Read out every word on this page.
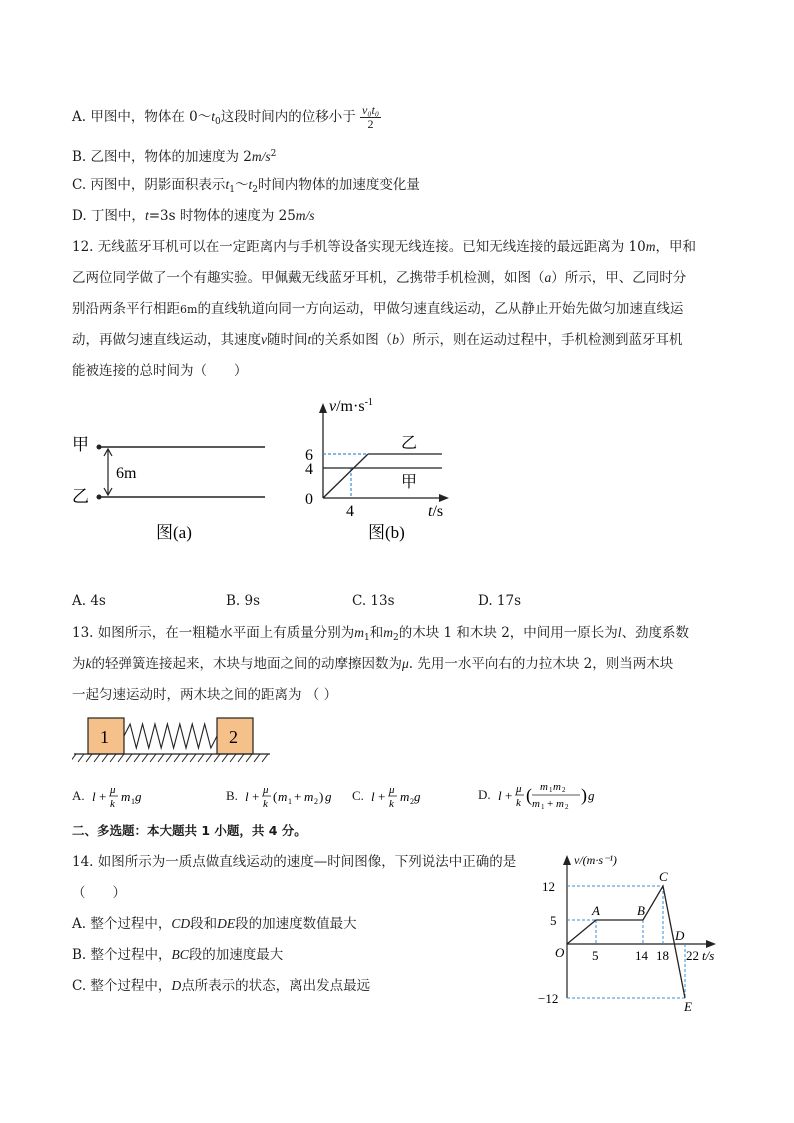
A. 甲图中，物体在 $0\sim t_0$这段时间内的位移小于 $\frac{\text{v₀t₀}}{2}$
B. 乙图中，物体的加速度为 $2m/s^2$
C. 丙图中，阴影面积表示$t_1\sim t_2$时间内物体的加速度变化量
D. 丁图中，t=3s 时物体的速度为 25m/s
12. 无线蓝牙耳机可以在一定距离内与手机等设备实现无线连接。已知无线连接的最远距离为 10m，甲和
乙两位同学做了一个有趣实验。甲佩戴无线蓝牙耳机，乙携带手机检测，如图（a）所示，甲、乙同时分
别沿两条平行相距6m的直线轨道向同一方向运动，甲做匀速直线运动，乙从静止开始先做匀加速直线运
动，再做匀速直线运动，其速度v随时间t的关系如图（b）所示，则在运动过程中，手机检测到蓝牙耳机
能被连接的总时间为（　　）
甲
乙
6m
图(a)
$v/m\cdot s^{-1}$
6
4
0
4	t/s
乙
甲
图(b)
A. 4s	B. 9s	C. 13s	D. 17s
13. 如图所示，在一粗糙水平面上有质量分别为$m_1$和$m_2$的木块 1 和木块 2，中间用一原长为l、劲度系数
为k的轻弹簧连接起来，木块与地面之间的动摩擦因数为μ. 先用一水平向右的力拉木块 2，则当两木块
一起匀速运动时，两木块之间的距离为 （ ）
1	2
A. l + μ
k m 1 g	B. l + μ
k ( m 1 + m 2 ) g C. l + μ
k m 2 g	D. l + μ
k ( m 1 m 2
m 1 + m 2
) g
二、多选题：本大题共 1 小题，共 4 分。
14. 如图所示为一质点做直线运动的速度—时间图像，下列说法中正确的是
（　　）
A. 整个过程中，CD段和DE段的加速度数值最大
B. 整个过程中，BC段的加速度最大
C. 整个过程中，D点所表示的状态，离出发点最远
v/(m·s⁻¹)
t/s
12
5
−12
O 5	14 18 22
A	B
C
D
E
